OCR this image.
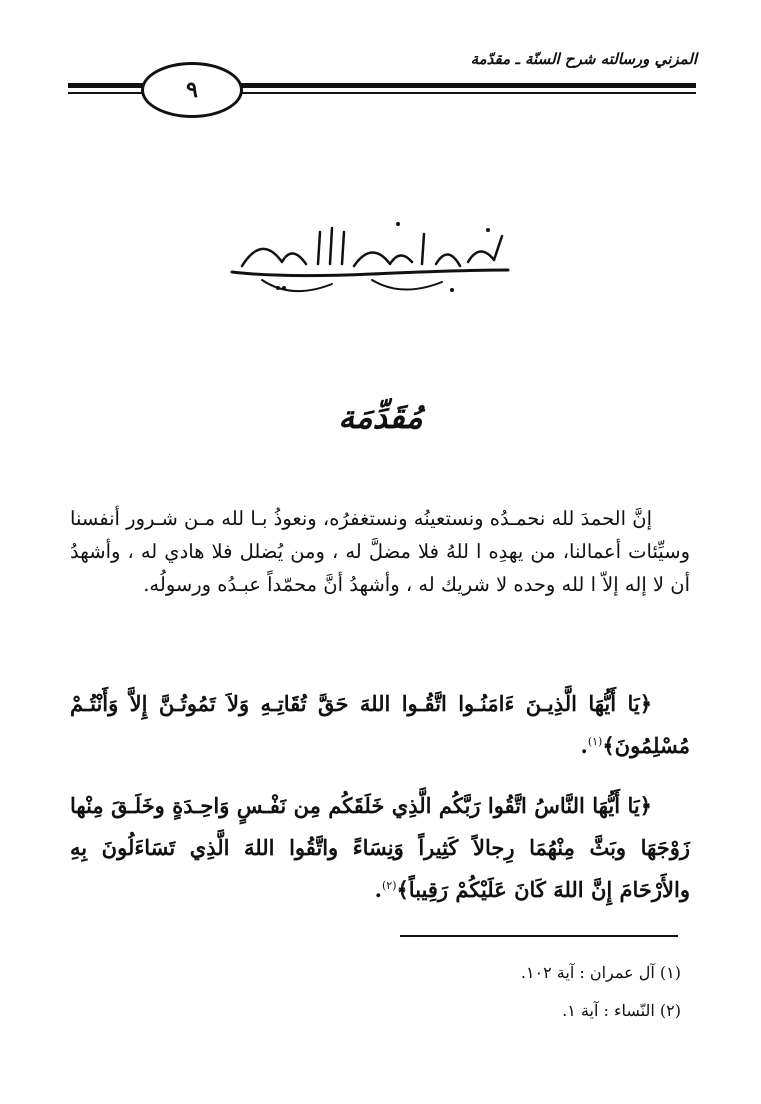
المزني ورسالته شرح السنّة ـ مقدّمة
٩
مُقَدِّمَة
إنَّ الحمدَ لله نحمـدُه ونستعينُه ونستغفرُه، ونعوذُ بـا لله مـن شـرور أنفسنا وسيِّئات أعمالنا، من يهدِه ا للهُ فلا مضلَّ له ، ومن يُضلل فلا هادي له ، وأشهدُ أن لا إله إلاّ ا لله وحده لا شريك له ، وأشهدُ أنَّ محمّداً عبـدُه ورسولُه.
﴿يَا أَيُّهَا الَّذِيـنَ ءَامَنُـوا اتَّقُـوا اللهَ حَقَّ تُقَاتِـهِ وَلاَ تَمُوتُـنَّ إِلاَّ وَأَنْتُـمْ مُسْلِمُونَ﴾$^{(١)}$.
﴿يَا أَيُّهَا النَّاسُ اتَّقُوا رَبَّكُم الَّذِي خَلَقَكُم مِن نَفْـسٍ وَاحِـدَةٍ وخَلَـقَ مِنْها زَوْجَهَا وبَثَّ مِنْهُمَا رِجالاً كَثِيراً وَنِسَاءً واتَّقُوا اللهَ الَّذِي تَسَاءَلُونَ بِهِ والأَرْحَامَ إِنَّ اللهَ كَانَ عَلَيْكُمْ رَقِيباً﴾$^{(٢)}$.
(١) آل عمران : آية ١٠٢.
(٢) النّساء : آية ١.
